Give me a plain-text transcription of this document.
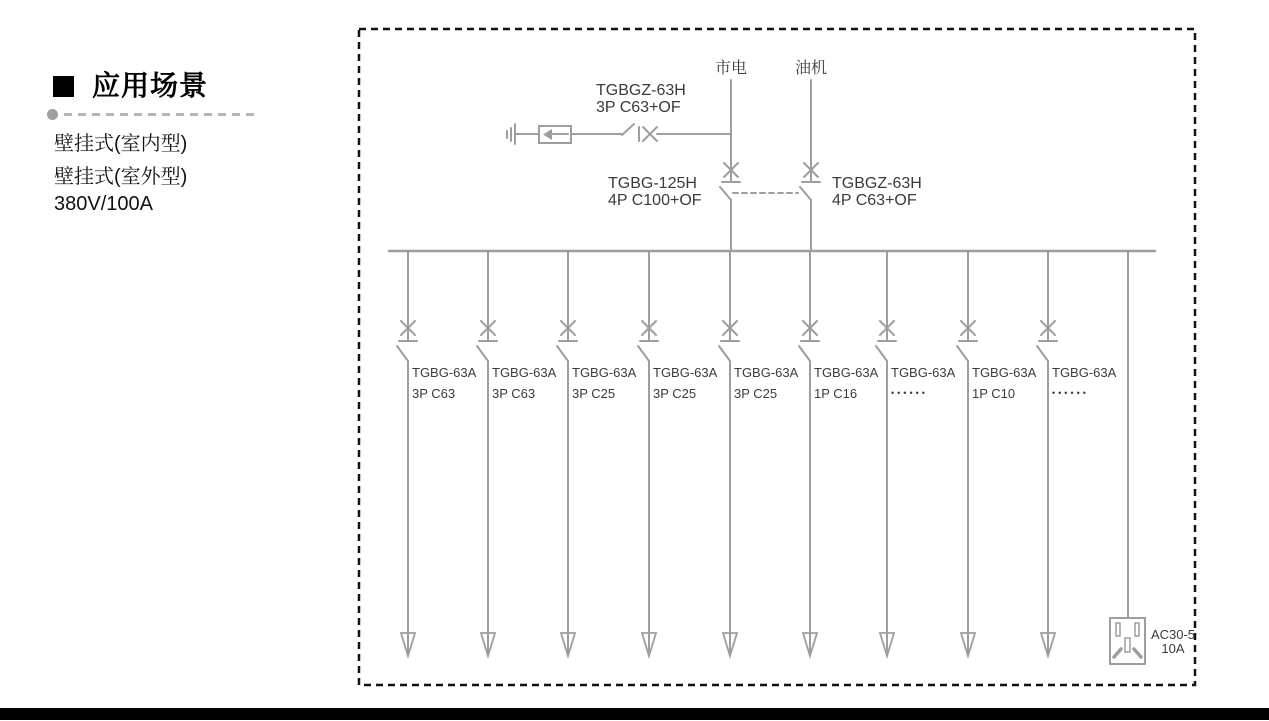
应用场景
壁挂式(室内型)
壁挂式(室外型)
380V/100A
市电	油机
TGBGZ-63H
3P C63+OF
TGBG-125H
4P C100+OF
TGBGZ-63H
4P C63+OF
TGBG-63A
3P C63
TGBG-63A
3P C63
TGBG-63A
3P C25
TGBG-63A
3P C25
TGBG-63A
3P C25
TGBG-63A
1P C16
TGBG-63A
••••••
TGBG-63A
1P C10
TGBG-63A
••••••
AC30-5
10A
